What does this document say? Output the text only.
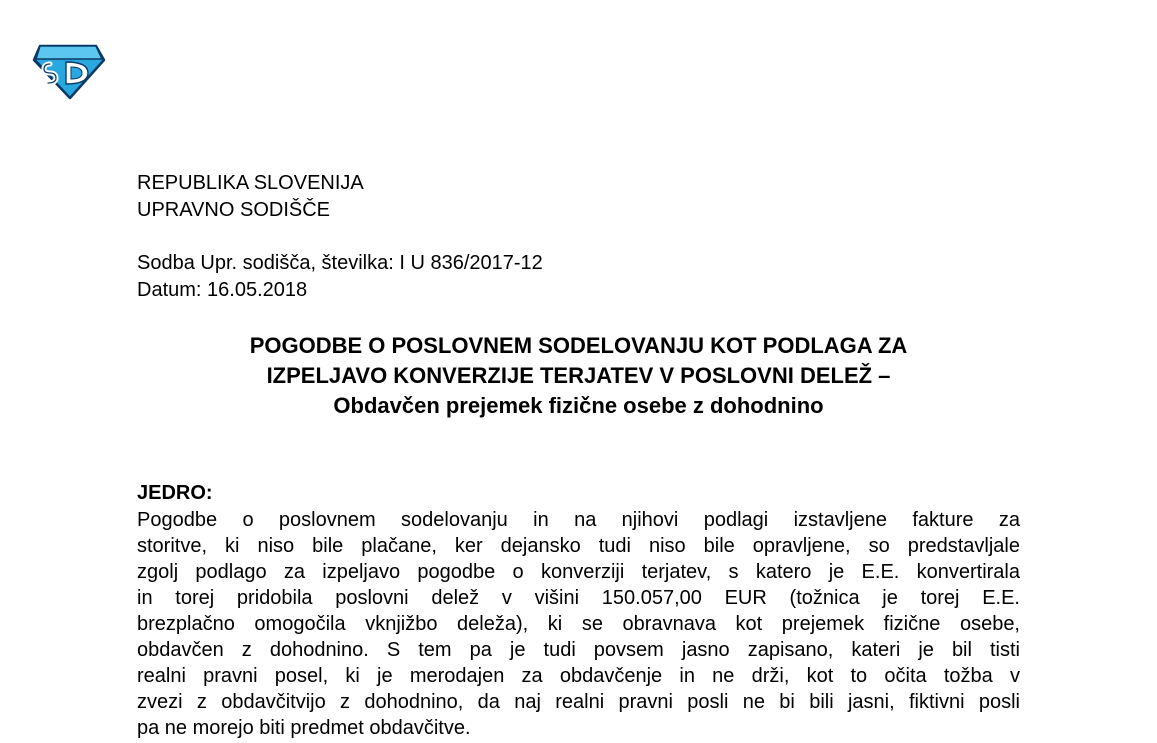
REPUBLIKA SLOVENIJA
UPRAVNO SODIŠČE
Sodba Upr. sodišča, številka: I U 836/2017-12
Datum: 16.05.2018
POGODBE O POSLOVNEM SODELOVANJU KOT PODLAGA ZA
IZPELJAVO KONVERZIJE TERJATEV V POSLOVNI DELEŽ –
Obdavčen prejemek fizične osebe z dohodnino
JEDRO:
Pogodbe o poslovnem sodelovanju in na njihovi podlagi izstavljene fakture za
storitve, ki niso bile plačane, ker dejansko tudi niso bile opravljene, so predstavljale
zgolj podlago za izpeljavo pogodbe o konverziji terjatev, s katero je E.E. konvertirala
in torej pridobila poslovni delež v višini 150.057,00 EUR (tožnica je torej E.E.
brezplačno omogočila vknjižbo deleža), ki se obravnava kot prejemek fizične osebe,
obdavčen z dohodnino. S tem pa je tudi povsem jasno zapisano, kateri je bil tisti
realni pravni posel, ki je merodajen za obdavčenje in ne drži, kot to očita tožba v
zvezi z obdavčitvijo z dohodnino, da naj realni pravni posli ne bi bili jasni, fiktivni posli
pa ne morejo biti predmet obdavčitve.
